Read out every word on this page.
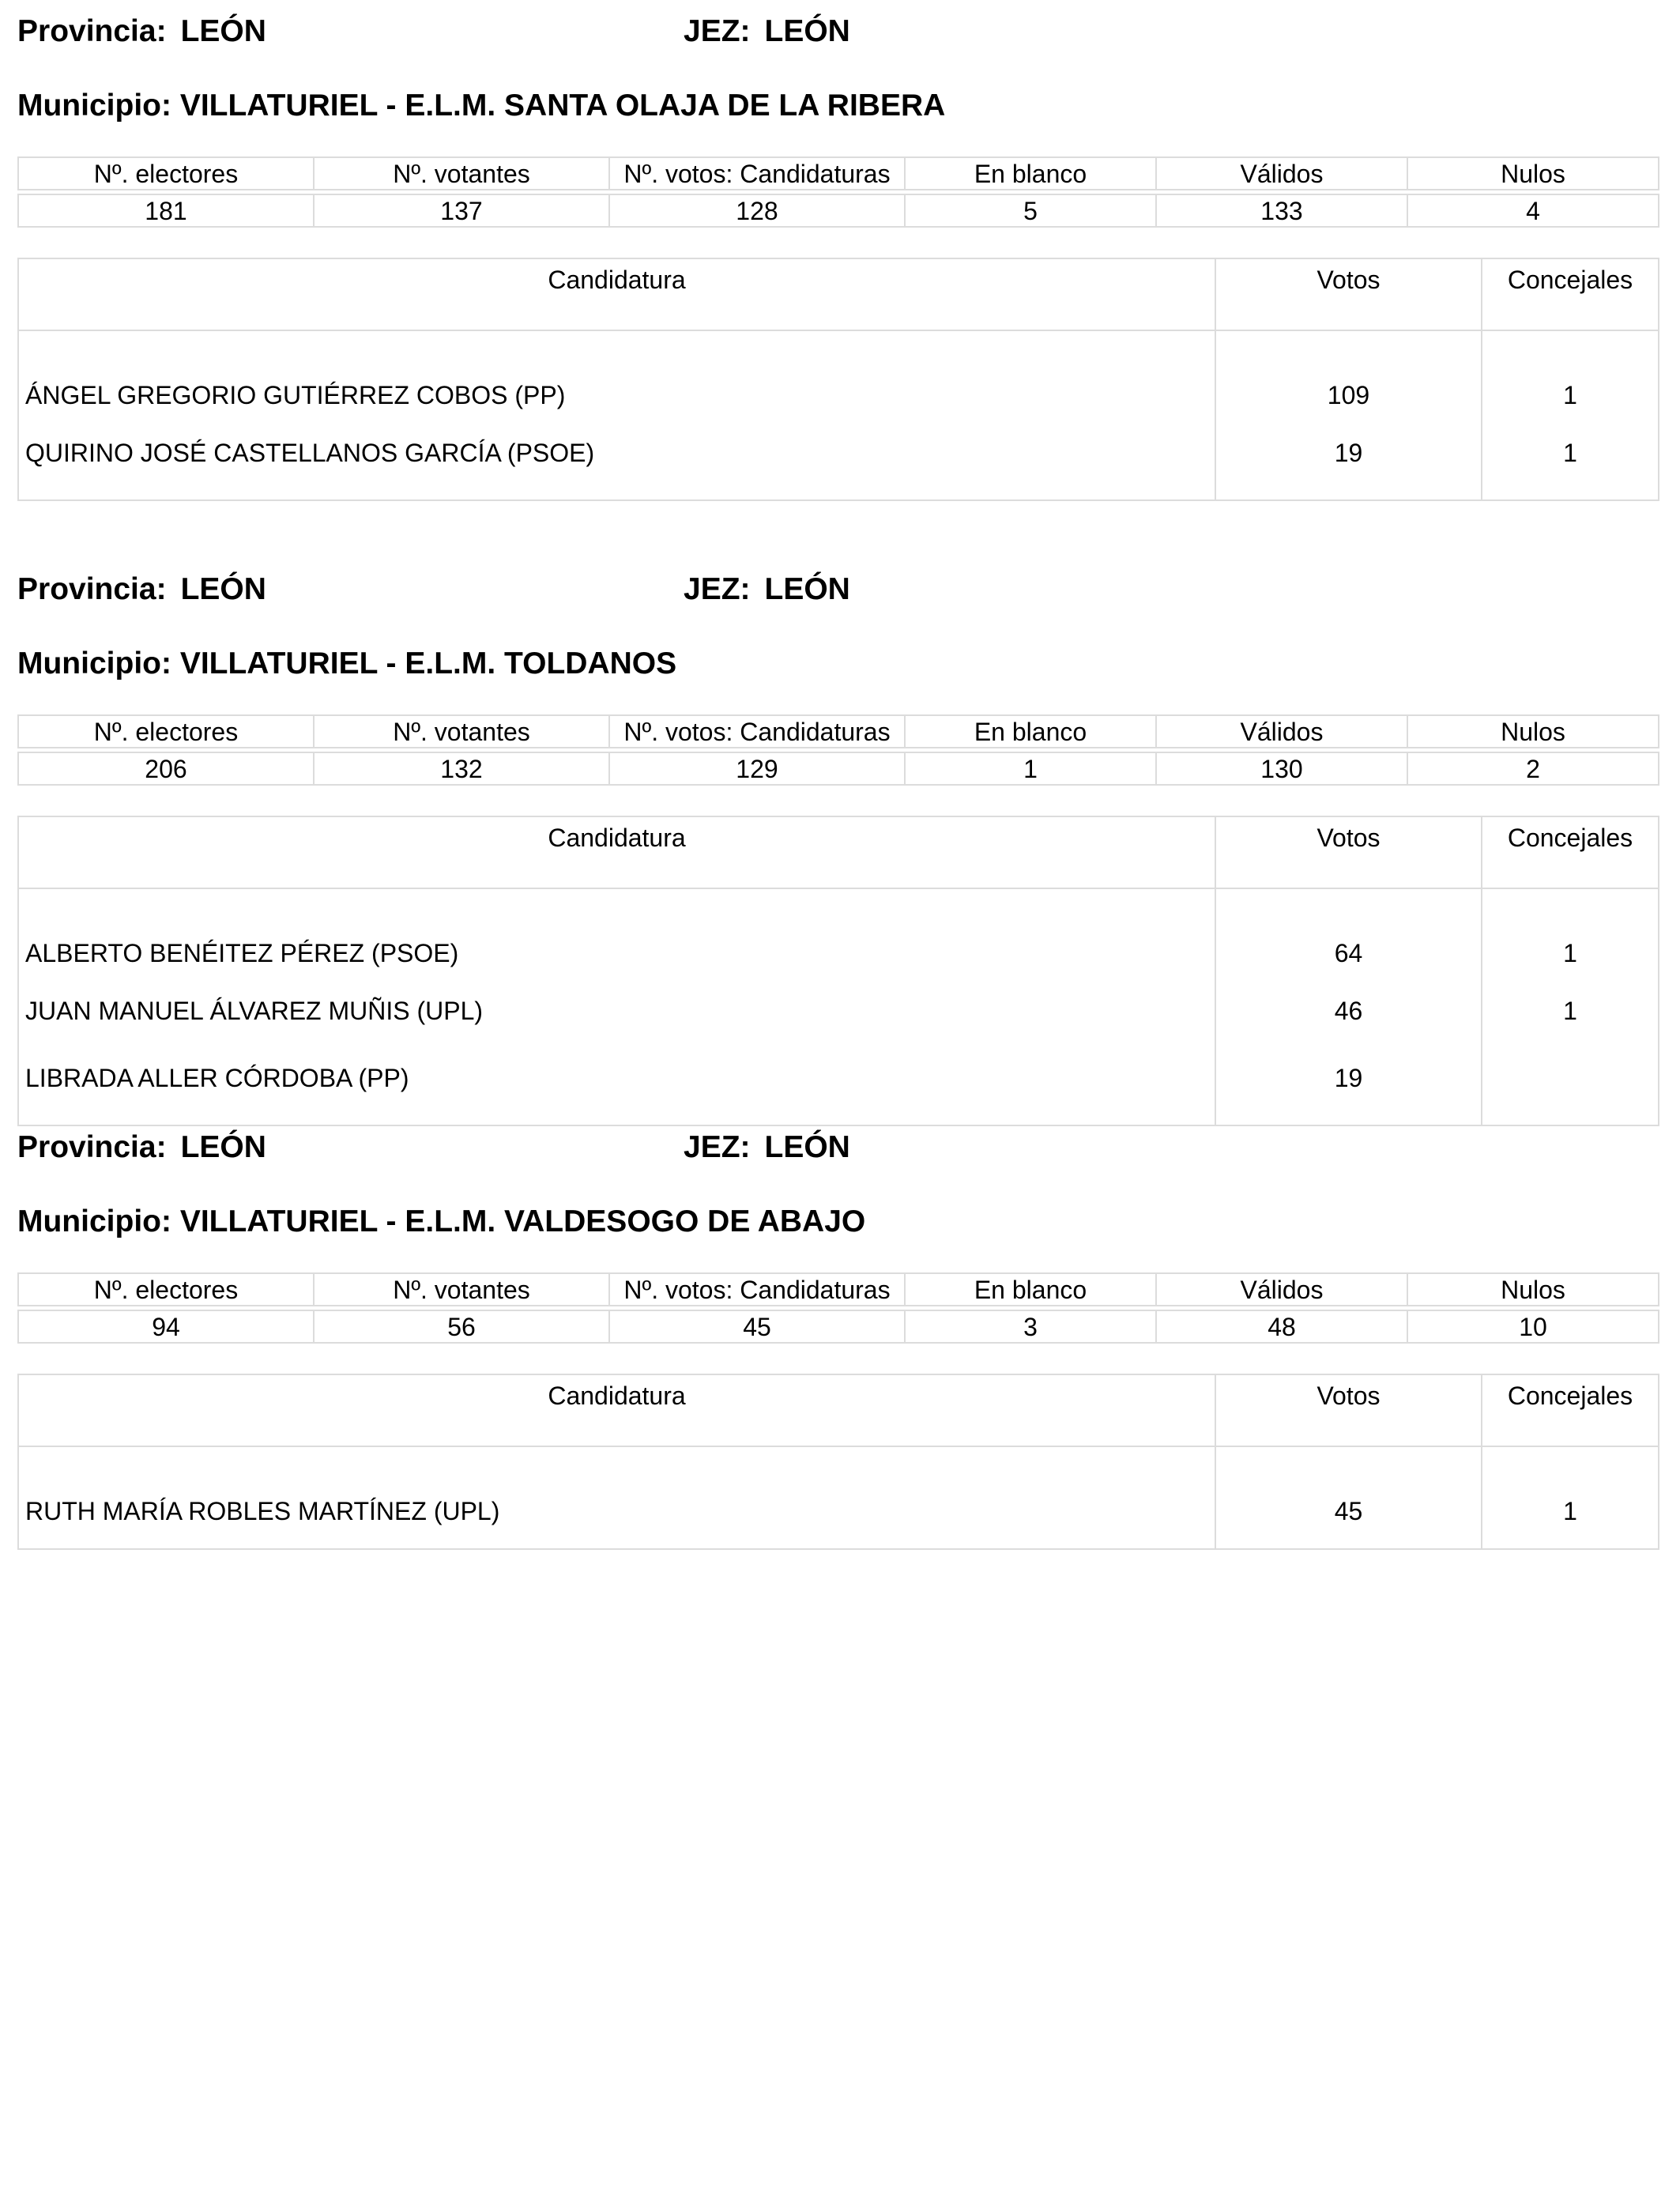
Provincia: LEÓN	JEZ: LEÓN
Municipio: VILLATURIEL - E.L.M. SANTA OLAJA DE LA RIBERA
Nº. electores	Nº. votantes	Nº. votos: Candidaturas	En blanco	Válidos	Nulos

181	137	128	5	133	4
Candidatura	Votos	Concejales
ÁNGEL GREGORIO GUTIÉRREZ COBOS (PP)	109	1
QUIRINO JOSÉ CASTELLANOS GARCÍA (PSOE)	19	1
Provincia: LEÓN	JEZ: LEÓN
Municipio: VILLATURIEL - E.L.M. TOLDANOS
Nº. electores	Nº. votantes	Nº. votos: Candidaturas	En blanco	Válidos	Nulos

206	132	129	1	130	2
Candidatura	Votos	Concejales
ALBERTO BENÉITEZ PÉREZ (PSOE)	64	1
JUAN MANUEL ÁLVAREZ MUÑIS (UPL)	46	1
LIBRADA ALLER CÓRDOBA (PP)	19	
Provincia: LEÓN	JEZ: LEÓN
Municipio: VILLATURIEL - E.L.M. VALDESOGO DE ABAJO
Nº. electores	Nº. votantes	Nº. votos: Candidaturas	En blanco	Válidos	Nulos

94	56	45	3	48	10
Candidatura	Votos	Concejales
RUTH MARÍA ROBLES MARTÍNEZ (UPL)	45	1
